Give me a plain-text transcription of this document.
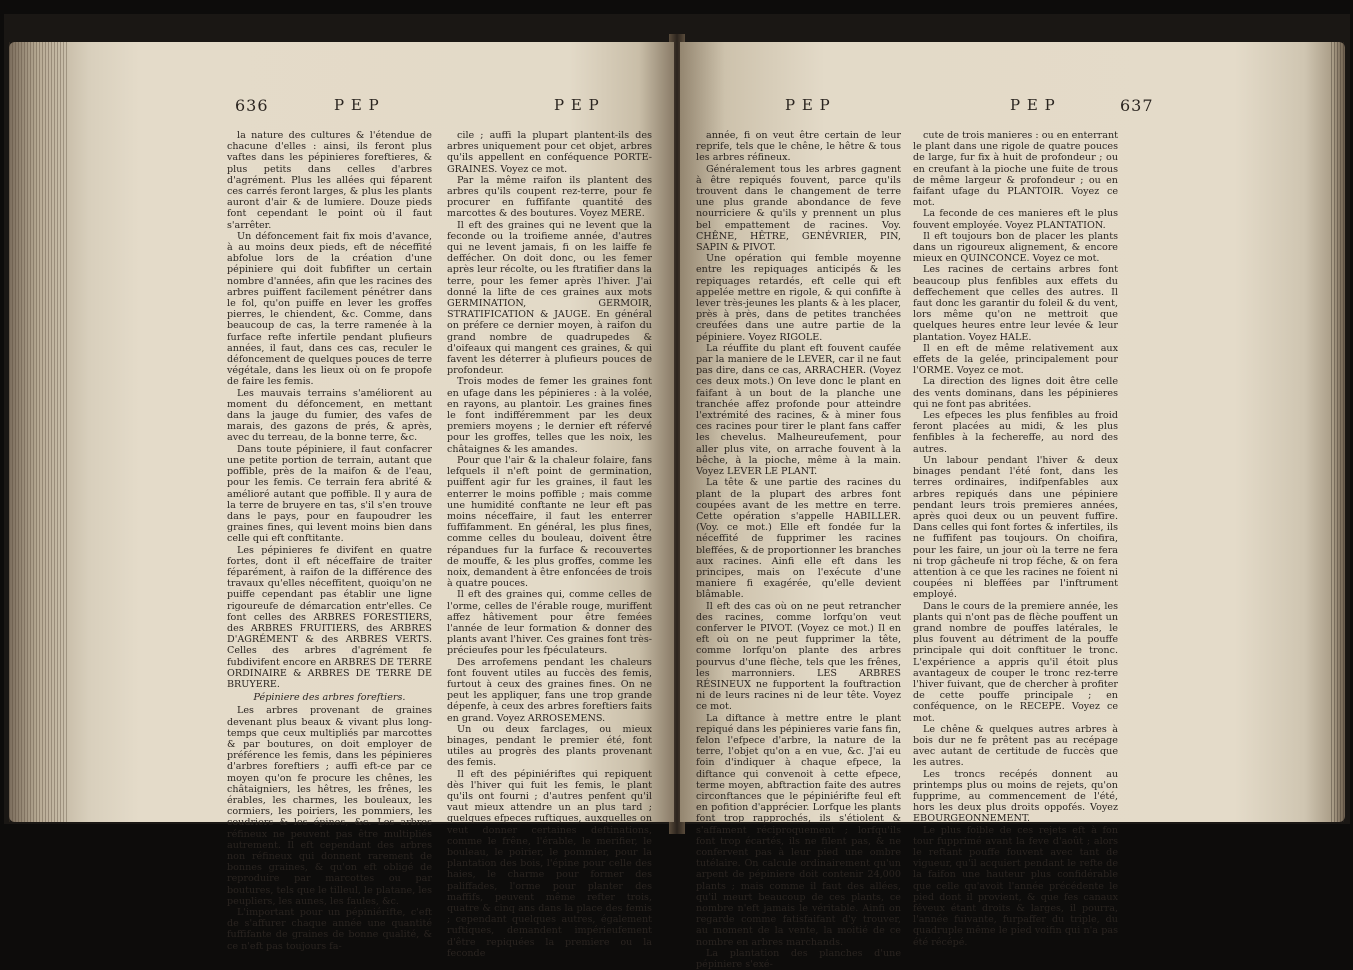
636	P E P	P E P

la nature des cultures & l'étendue de chacune d'elles : ainsi, ils feront plus vaftes dans les pépinieres foreftieres, & plus petits dans celles d'arbres d'agrément. Plus les allées qui féparent ces carrés feront larges, & plus les plants auront d'air & de lumiere. Douze pieds font cependant le point où il faut s'arrêter.

Un défoncement fait fix mois d'avance, à au moins deux pieds, eft de néceffité abfolue lors de la création d'une pépiniere qui doit fubfifter un certain nombre d'années, afin que les racines des arbres puiffent facilement pénétrer dans le fol, qu'on puiffe en lever les groffes pierres, le chiendent, &c. Comme, dans beaucoup de cas, la terre ramenée à la furface refte infertile pendant plufieurs années, il faut, dans ces cas, reculer le défoncement de quelques pouces de terre végétale, dans les lieux où on fe propofe de faire les femis.

Les mauvais terrains s'améliorent au moment du défoncement, en mettant dans la jauge du fumier, des vafes de marais, des gazons de prés, & après, avec du terreau, de la bonne terre, &c.

Dans toute pépiniere, il faut confacrer une petite portion de terrain, autant que poffible, près de la maifon & de l'eau, pour les femis. Ce terrain fera abrité & amélioré autant que poffible. Il y aura de la terre de bruyere en tas, s'il s'en trouve dans le pays, pour en faupoudrer les graines fines, qui levent moins bien dans celle qui eft conftitante.

Les pépinieres fe divifent en quatre fortes, dont il eft néceffaire de traiter féparément, à raifon de la différence des travaux qu'elles néceffitent, quoiqu'on ne puiffe cependant pas établir une ligne rigoureufe de démarcation entr'elles. Ce font celles des ARBRES FORESTIERS, des ARBRES FRUITIERS, des ARBRES D'AGRÉMENT & des ARBRES VERTS. Celles des arbres d'agrément fe fubdivifent encore en ARBRES DE TERRE ORDINAIRE & ARBRES DE TERRE DE BRUYERE.

Pépiniere des arbres foreftiers.

Les arbres provenant de graines devenant plus beaux & vivant plus long-temps que ceux multipliés par marcottes & par boutures, on doit employer de préférence les femis, dans les pépinieres d'arbres foreftiers ; auffi eft-ce par ce moyen qu'on fe procure les chênes, les châtaigniers, les hêtres, les frênes, les érables, les charmes, les bouleaux, les cormiers, les poiriers, les pommiers, les coudriers & les épines, &c. Les arbres réfineux ne peuvent pas être multipliés autrement. Il eft cependant des arbres non réfineux qui donnent rarement de bonnes graines, & qu'on eft obligé de reproduire par marcottes ou par boutures, tels que le tilleul, le platane, les peupliers, les aunes, les faules, &c.

L'important pour un pépiniérifte, c'eft de s'affurer chaque année une quantité fuffifante de graines de bonne qualité, & ce n'eft pas toujours fa-

cile ; auffi la plupart plantent-ils des arbres uniquement pour cet objet, arbres qu'ils appellent en conféquence PORTE-GRAINES. Voyez ce mot.

Par la même raifon ils plantent des arbres qu'ils coupent rez-terre, pour fe procurer en fuffifante quantité des marcottes & des boutures. Voyez MERE.

Il eft des graines qui ne levent que la feconde ou la troifieme année, d'autres qui ne levent jamais, fi on les laiffe fe deffécher. On doit donc, ou les femer après leur récolte, ou les ftratifier dans la terre, pour les femer après l'hiver. J'ai donné la lifte de ces graines aux mots GERMINATION, GERMOIR, STRATIFICATION & JAUGE. En général on préfere ce dernier moyen, à raifon du grand nombre de quadrupedes & d'oifeaux qui mangent ces graines, & qui favent les déterrer à plufieurs pouces de profondeur.

Trois modes de femer les graines font en ufage dans les pépinieres : à la volée, en rayons, au plantoir. Les graines fines le font indifféremment par les deux premiers moyens ; le dernier eft réfervé pour les groffes, telles que les noix, les châtaignes & les amandes.

Pour que l'air & la chaleur folaire, fans lefquels il n'eft point de germination, puiffent agir fur les graines, il faut les enterrer le moins poffible ; mais comme une humidité conftante ne leur eft pas moins néceffaire, il faut les enterrer fuffifamment. En général, les plus fines, comme celles du bouleau, doivent être répandues fur la furface & recouvertes de mouffe, & les plus groffes, comme les noix, demandent à être enfoncées de trois à quatre pouces.

Il eft des graines qui, comme celles de l'orme, celles de l'érable rouge, muriffent affez hâtivement pour être femées l'année de leur formation & donner des plants avant l'hiver. Ces graines font très-précieufes pour les fpéculateurs.

Des arrofemens pendant les chaleurs font fouvent utiles au fuccès des femis, furtout à ceux des graines fines. On ne peut les appliquer, fans une trop grande dépenfe, à ceux des arbres foreftiers faits en grand. Voyez ARROSEMENS.

Un ou deux farclages, ou mieux binages, pendant le premier été, font utiles au progrès des plants provenant des femis.

Il eft des pépiniériftes qui repiquent dès l'hiver qui fuit les femis, le plant qu'ils ont fourni ; d'autres penfent qu'il vaut mieux attendre un an plus tard ; quelques efpeces ruftiques, auxquelles on veut donner certaines deftinations, comme le frêne, l'érable, le merifier, le bouleau, le poirier, le pommier, pour la plantation des bois, l'épine pour celle des haies, le charme pour former des paliffades, l'orme pour planter des maffifs, peuvent même refter trois, quatre & cinq ans dans la place des femis ; cependant quelques autres, également ruftiques, demandent impérieufement d'être repiquées la premiere ou la feconde

P E P	P E P	637

année, fi on veut être certain de leur reprife, tels que le chêne, le hêtre & tous les arbres réfineux.

Généralement tous les arbres gagnent à être repiqués fouvent, parce qu'ils trouvent dans le changement de terre une plus grande abondance de feve nourriciere & qu'ils y prennent un plus bel empattement de racines. Voy. CHÊNE, HÊTRE, GENÉVRIER, PIN, SAPIN & PIVOT.

Une opération qui femble moyenne entre les repiquages anticipés & les repiquages retardés, eft celle qui eft appelée mettre en rigole, & qui confifte à lever très-jeunes les plants & à les placer, près à près, dans de petites tranchées creufées dans une autre partie de la pépiniere. Voyez RIGOLE.

La réuffite du plant eft fouvent caufée par la maniere de le LEVER, car il ne faut pas dire, dans ce cas, ARRACHER. (Voyez ces deux mots.) On leve donc le plant en faifant à un bout de la planche une tranchée affez profonde pour atteindre l'extrémité des racines, & à miner fous ces racines pour tirer le plant fans caffer les chevelus. Malheureufement, pour aller plus vite, on arrache fouvent à la bêche, à la pioche, même à la main. Voyez LEVER LE PLANT.

La tête & une partie des racines du plant de la plupart des arbres font coupées avant de les mettre en terre. Cette opération s'appelle HABILLER. (Voy. ce mot.) Elle eft fondée fur la néceffité de fupprimer les racines bleffées, & de proportionner les branches aux racines. Ainfi elle eft dans les principes, mais on l'exécute d'une maniere fi exagérée, qu'elle devient blâmable.

Il eft des cas où on ne peut retrancher des racines, comme lorfqu'on veut conferver le PIVOT. (Voyez ce mot.) Il en eft où on ne peut fupprimer la tête, comme lorfqu'on plante des arbres pourvus d'une flèche, tels que les frênes, les marronniers. LES ARBRES RÉSINEUX ne fupportent la fouftraction ni de leurs racines ni de leur tête. Voyez ce mot.

La diftance à mettre entre le plant repiqué dans les pépinieres varie fans fin, felon l'efpece d'arbre, la nature de la terre, l'objet qu'on a en vue, &c. J'ai eu foin d'indiquer à chaque efpece, la diftance qui convenoit à cette efpece, terme moyen, abftraction faite des autres circonftances que le pépiniérifte feul eft en pofition d'apprécier. Lorfque les plants font trop rapprochés, ils s'étiolent & s'affament réciproquement ; lorfqu'ils font trop écartés, ils ne filent pas, & ne confervent pas à leur pied une ombre tutélaire. On calcule ordinairement qu'un arpent de pépiniere doit contenir 24,000 plants ; mais comme il faut des allées, qu'il meurt beaucoup de ces plants, ce nombre n'eft jamais le véritable. Ainfi on regarde comme fatisfaifant d'y trouver, au moment de la vente, la moitié de ce nombre en arbres marchands.

La plantation des planches d'une pépiniere s'exé-

cute de trois manieres : ou en enterrant le plant dans une rigole de quatre pouces de large, fur fix à huit de profondeur ; ou en creufant à la pioche une fuite de trous de même largeur & profondeur ; ou en faifant ufage du PLANTOIR. Voyez ce mot.

La feconde de ces manieres eft le plus fouvent employée. Voyez PLANTATION.

Il eft toujours bon de placer les plants dans un rigoureux alignement, & encore mieux en QUINCONCE. Voyez ce mot.

Les racines de certains arbres font beaucoup plus fenfibles aux effets du deffechement que celles des autres. Il faut donc les garantir du foleil & du vent, lors même qu'on ne mettroit que quelques heures entre leur levée & leur plantation. Voyez HALE.

Il en eft de même relativement aux effets de la gelée, principalement pour l'ORME. Voyez ce mot.

La direction des lignes doit être celle des vents dominans, dans les pépinieres qui ne font pas abritées.

Les efpeces les plus fenfibles au froid feront placées au midi, & les plus fenfibles à la fechereffe, au nord des autres.

Un labour pendant l'hiver & deux binages pendant l'été font, dans les terres ordinaires, indifpenfables aux arbres repiqués dans une pépiniere pendant leurs trois premieres années, après quoi deux ou un peuvent fuffire. Dans celles qui font fortes & infertiles, ils ne fuffifent pas toujours. On choifira, pour les faire, un jour où la terre ne fera ni trop gâcheufe ni trop féche, & on fera attention à ce que les racines ne foient ni coupées ni bleffées par l'inftrument employé.

Dans le cours de la premiere année, les plants qui n'ont pas de flèche pouffent un grand nombre de pouffes latérales, le plus fouvent au détriment de la pouffe principale qui doit conftituer le tronc. L'expérience a appris qu'il étoit plus avantageux de couper le tronc rez-terre l'hiver fuivant, que de chercher à profiter de cette pouffe principale ; en conféquence, on le RECEPE. Voyez ce mot.

Le chêne & quelques autres arbres à bois dur ne fe prêtent pas au recépage avec autant de certitude de fuccès que les autres.

Les troncs recépés donnent au printemps plus ou moins de rejets, qu'on fupprime, au commencement de l'été, hors les deux plus droits oppofés. Voyez EBOURGEONNEMENT.

Le plus foible de ces rejets eft à fon tour fupprimé avant la feve d'août ; alors le reftant pouffe fouvent avec tant de vigueur, qu'il acquiert pendant le refte de la faifon une hauteur plus confidérable que celle qu'avoit l'année précédente le pied dont il provient, & que fes canaux féveux étant droits & larges, il pourra, l'année fuivante, furpaffer du triple, du quadruple même le pied voifin qui n'a pas été récépé.
